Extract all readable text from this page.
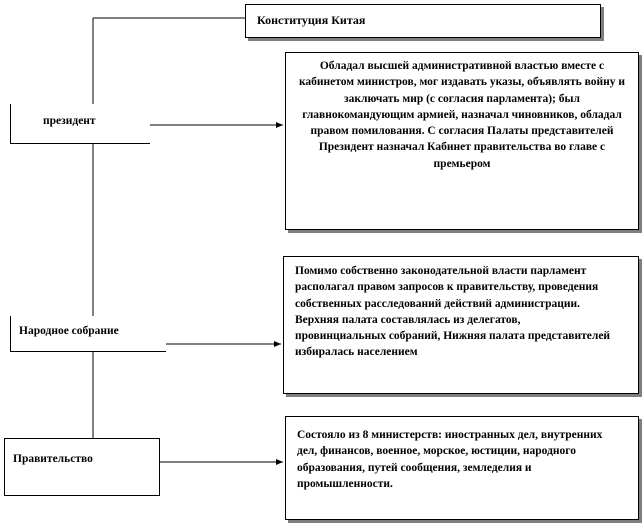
Конституция Китая
президент
Обладал высшей административной властью вместе с кабинетом министров, мог издавать указы, объявлять войну и заключать мир (с согласия парламента); был главнокомандующим армией, назначал чиновников, обладал правом помилования. С согласия Палаты представителей Президент назначал Кабинет правительства во главе с премьером
Народное собрание
Помимо собственно законодательной власти парламент располагал правом запросов к правительству, проведения собственных расследований действий администрации. Верхняя палата составлялась из делегатов, провинциальных собраний, Нижняя палата представителей избиралась населением
Правительство
Состояло из 8 министерств: иностранных дел, внутренних дел, финансов, военное, морское, юстиции, народного образования, путей сообщения, земледелия и промышленности.
